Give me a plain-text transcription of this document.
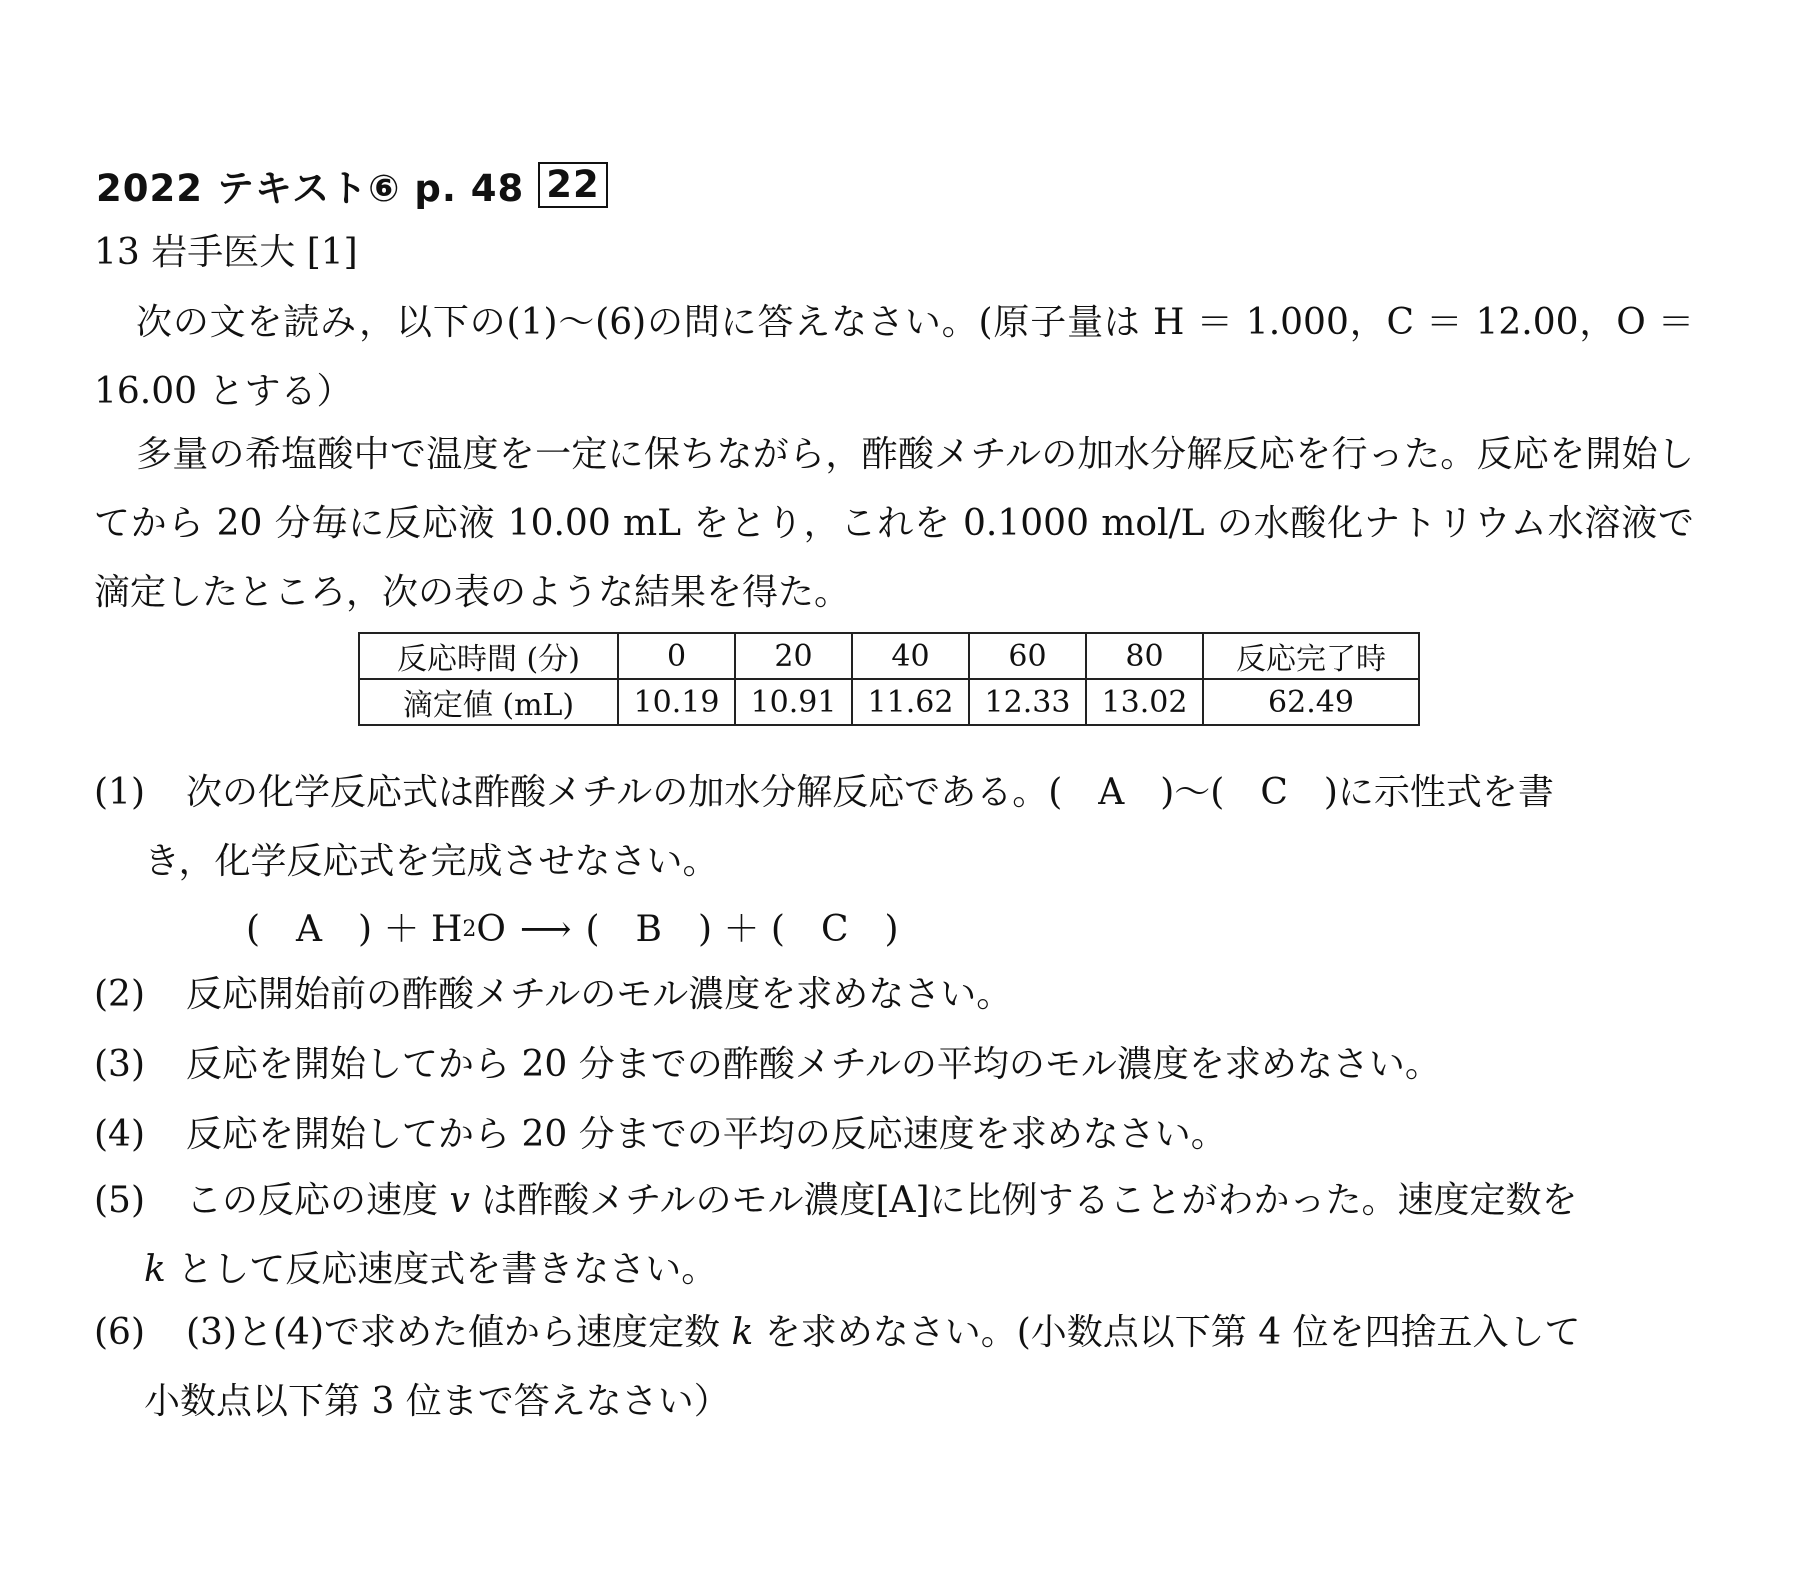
2022 テキスト⑥ p. 48 22
13 岩手医大 [1]
次の文を読み，以下の(1)～(6)の問に答えなさい。(原子量は H ＝ 1.000，C ＝ 12.00，O ＝ 16.00 とする）
多量の希塩酸中で温度を一定に保ちながら，酢酸メチルの加水分解反応を行った。反応を開始してから 20 分毎に反応液 10.00 mL をとり，これを 0.1000 mol/L の水酸化ナトリウム水溶液で滴定したところ，次の表のような結果を得た。
反応時間 (分)	0	20	40	60	80	反応完了時
滴定値 (mL)	10.19	10.91	11.62	12.33	13.02	62.49
(1)	次の化学反応式は酢酸メチルの加水分解反応である。(　A　)～(　C　)に示性式を書
き，化学反応式を完成させなさい。
(　A　) ＋ H 2 O ⟶ (　B　) ＋ (　C　)
(2)	反応開始前の酢酸メチルのモル濃度を求めなさい。
(3)	反応を開始してから 20 分までの酢酸メチルの平均のモル濃度を求めなさい。
(4)	反応を開始してから 20 分までの平均の反応速度を求めなさい。
(5)	この反応の速度 v は酢酸メチルのモル濃度[A]に比例することがわかった。速度定数を
k として反応速度式を書きなさい。
(6)	(3)と(4)で求めた値から速度定数 k を求めなさい。(小数点以下第 4 位を四捨五入して
小数点以下第 3 位まで答えなさい）
